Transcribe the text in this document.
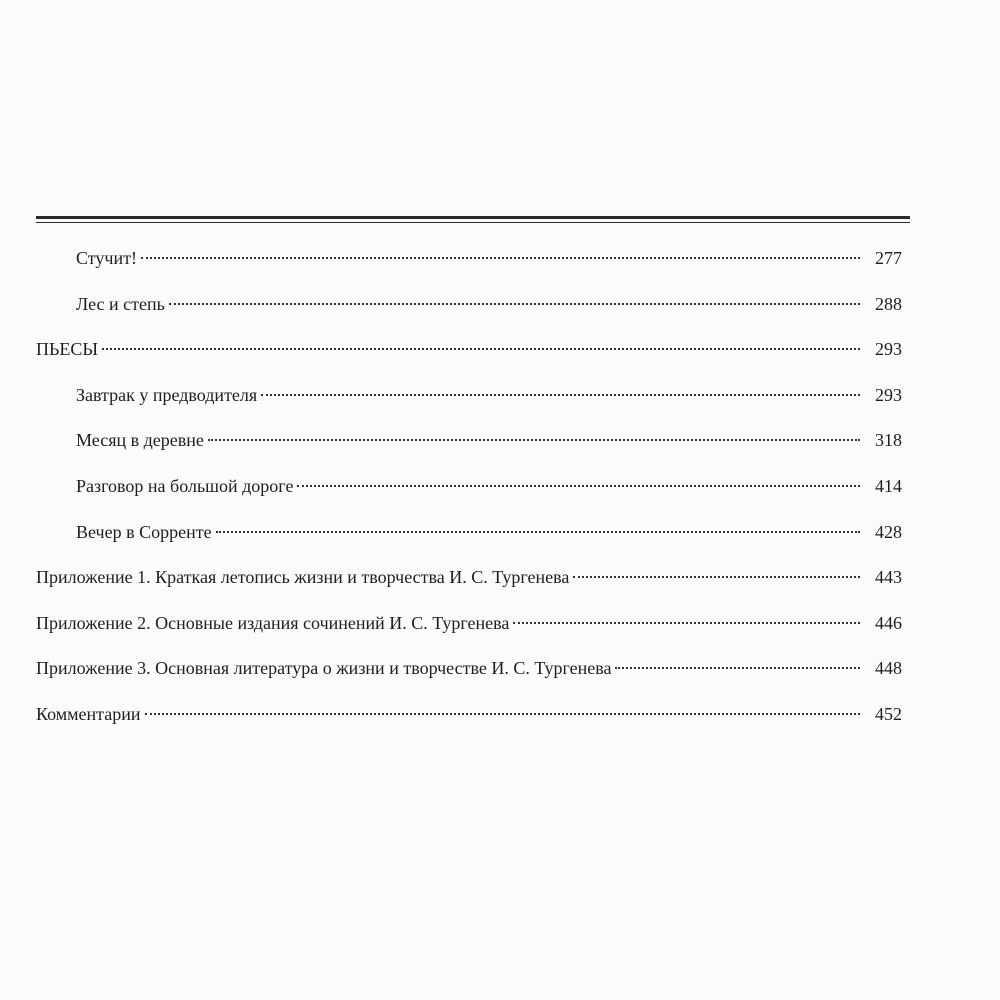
Стучит!	277
Лес и степь	288
ПЬЕСЫ	293
Завтрак у предводителя	293
Месяц в деревне	318
Разговор на большой дороге	414
Вечер в Сорренте	428
Приложение 1. Краткая летопись жизни и творчества И. С. Тургенева	443
Приложение 2. Основные издания сочинений И. С. Тургенева	446
Приложение 3. Основная литература о жизни и творчестве И. С. Тургенева	448
Комментарии	452
